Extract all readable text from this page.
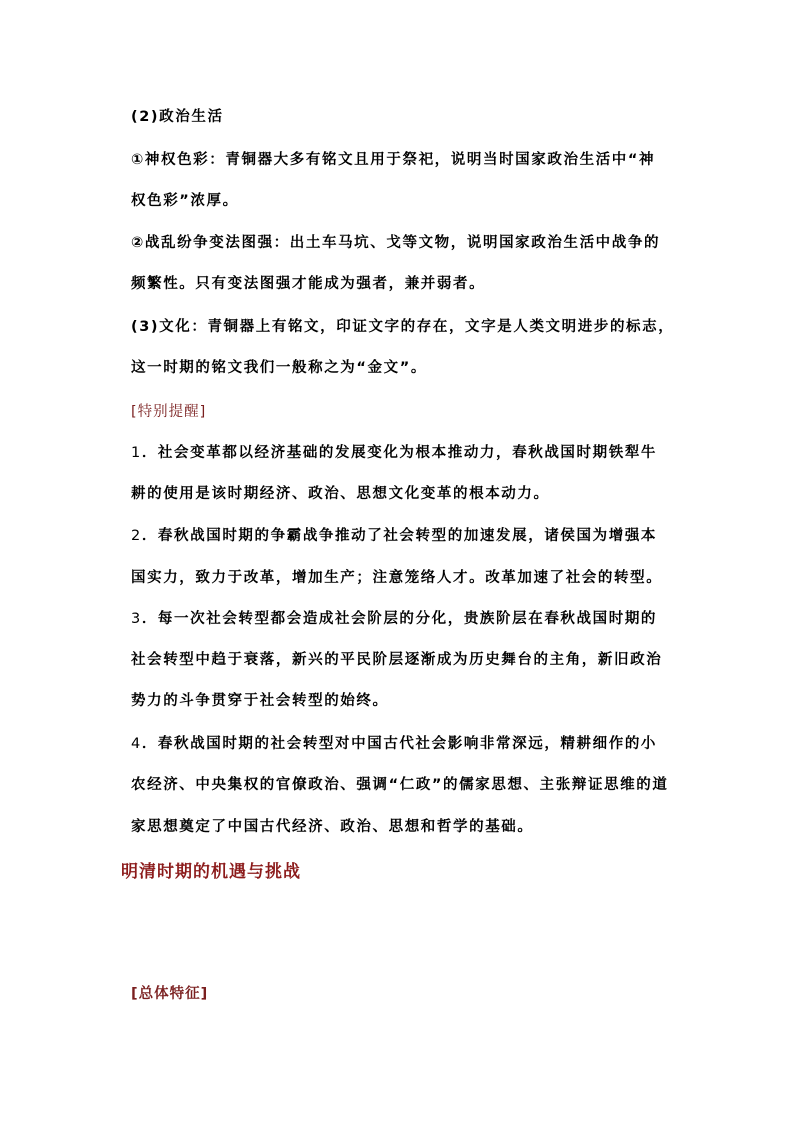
(2)政治生活
①神权色彩：青铜器大多有铭文且用于祭祀，说明当时国家政治生活中“神
权色彩”浓厚。
②战乱纷争变法图强：出土车马坑、戈等文物，说明国家政治生活中战争的
频繁性。只有变法图强才能成为强者，兼并弱者。
(3)文化：青铜器上有铭文，印证文字的存在，文字是人类文明进步的标志，
这一时期的铭文我们一般称之为“金文”。
[特别提醒]
1．社会变革都以经济基础的发展变化为根本推动力，春秋战国时期铁犁牛
耕的使用是该时期经济、政治、思想文化变革的根本动力。
2．春秋战国时期的争霸战争推动了社会转型的加速发展，诸侯国为增强本
国实力，致力于改革，增加生产；注意笼络人才。改革加速了社会的转型。
3．每一次社会转型都会造成社会阶层的分化，贵族阶层在春秋战国时期的
社会转型中趋于衰落，新兴的平民阶层逐渐成为历史舞台的主角，新旧政治
势力的斗争贯穿于社会转型的始终。
4．春秋战国时期的社会转型对中国古代社会影响非常深远，精耕细作的小
农经济、中央集权的官僚政治、强调“仁政”的儒家思想、主张辩证思维的道
家思想奠定了中国古代经济、政治、思想和哲学的基础。
明清时期的机遇与挑战
[总体特征]
